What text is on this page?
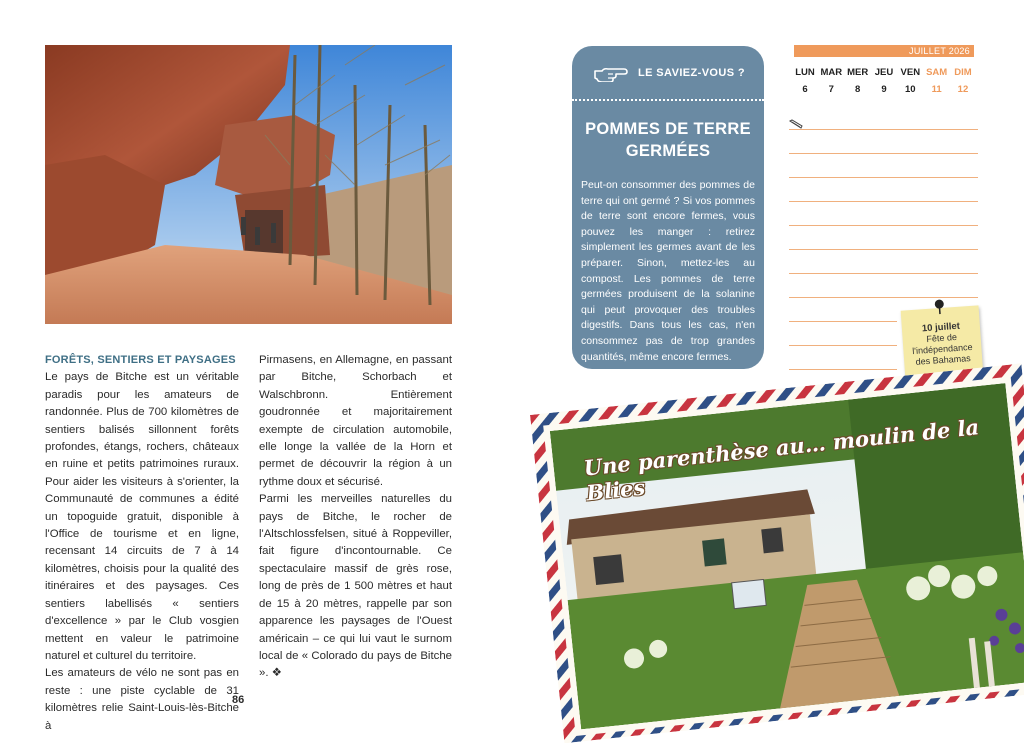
FORÊTS, SENTIERS ET PAYSAGES

Le pays de Bitche est un véritable paradis pour les amateurs de randonnée. Plus de 700 kilomètres de sentiers balisés sillonnent forêts profondes, étangs, rochers, châteaux en ruine et petits patrimoines ruraux. Pour aider les visiteurs à s'orienter, la Communauté de communes a édité un topoguide gratuit, disponible à l'Office de tourisme et en ligne, recensant 14 circuits de 7 à 14 kilomètres, choisis pour la qualité des itinéraires et des paysages. Ces sentiers labellisés « sentiers d'excellence » par le Club vosgien mettent en valeur le patrimoine naturel et culturel du territoire.

Les amateurs de vélo ne sont pas en reste : une piste cyclable de 31 kilomètres relie Saint-Louis-lès-Bitche à

Pirmasens, en Allemagne, en passant par Bitche, Schorbach et Walschbronn. Entièrement goudronnée et majoritairement exempte de circulation automobile, elle longe la vallée de la Horn et permet de découvrir la région à un rythme doux et sécurisé.

Parmi les merveilles naturelles du pays de Bitche, le rocher de l'Altschlossfelsen, situé à Roppeviller, fait figure d'incontournable. Ce spectaculaire massif de grès rose, long de près de 1 500 mètres et haut de 15 à 20 mètres, rappelle par son apparence les paysages de l'Ouest américain – ce qui lui vaut le surnom local de « Colorado du pays de Bitche ». ❖

86
LE SAVIEZ-VOUS ?
POMMES DE TERRE
GERMÉES
Peut-on consommer des pommes de terre qui ont germé ? Si vos pommes de terre sont encore fermes, vous pouvez les manger : retirez simplement les germes avant de les préparer. Sinon, mettez-les au compost. Les pommes de terre germées produisent de la solanine qui peut provoquer des troubles digestifs. Dans tous les cas, n'en consommez pas de trop grandes quantités, même encore fermes.
JUILLET 2026
LUN
6
MAR
7
MER
8
JEU
9
VEN
10
SAM
11
DIM
12
10 juillet
Fête de
l'indépendance
des Bahamas
Une parenthèse au… moulin de la Blies
